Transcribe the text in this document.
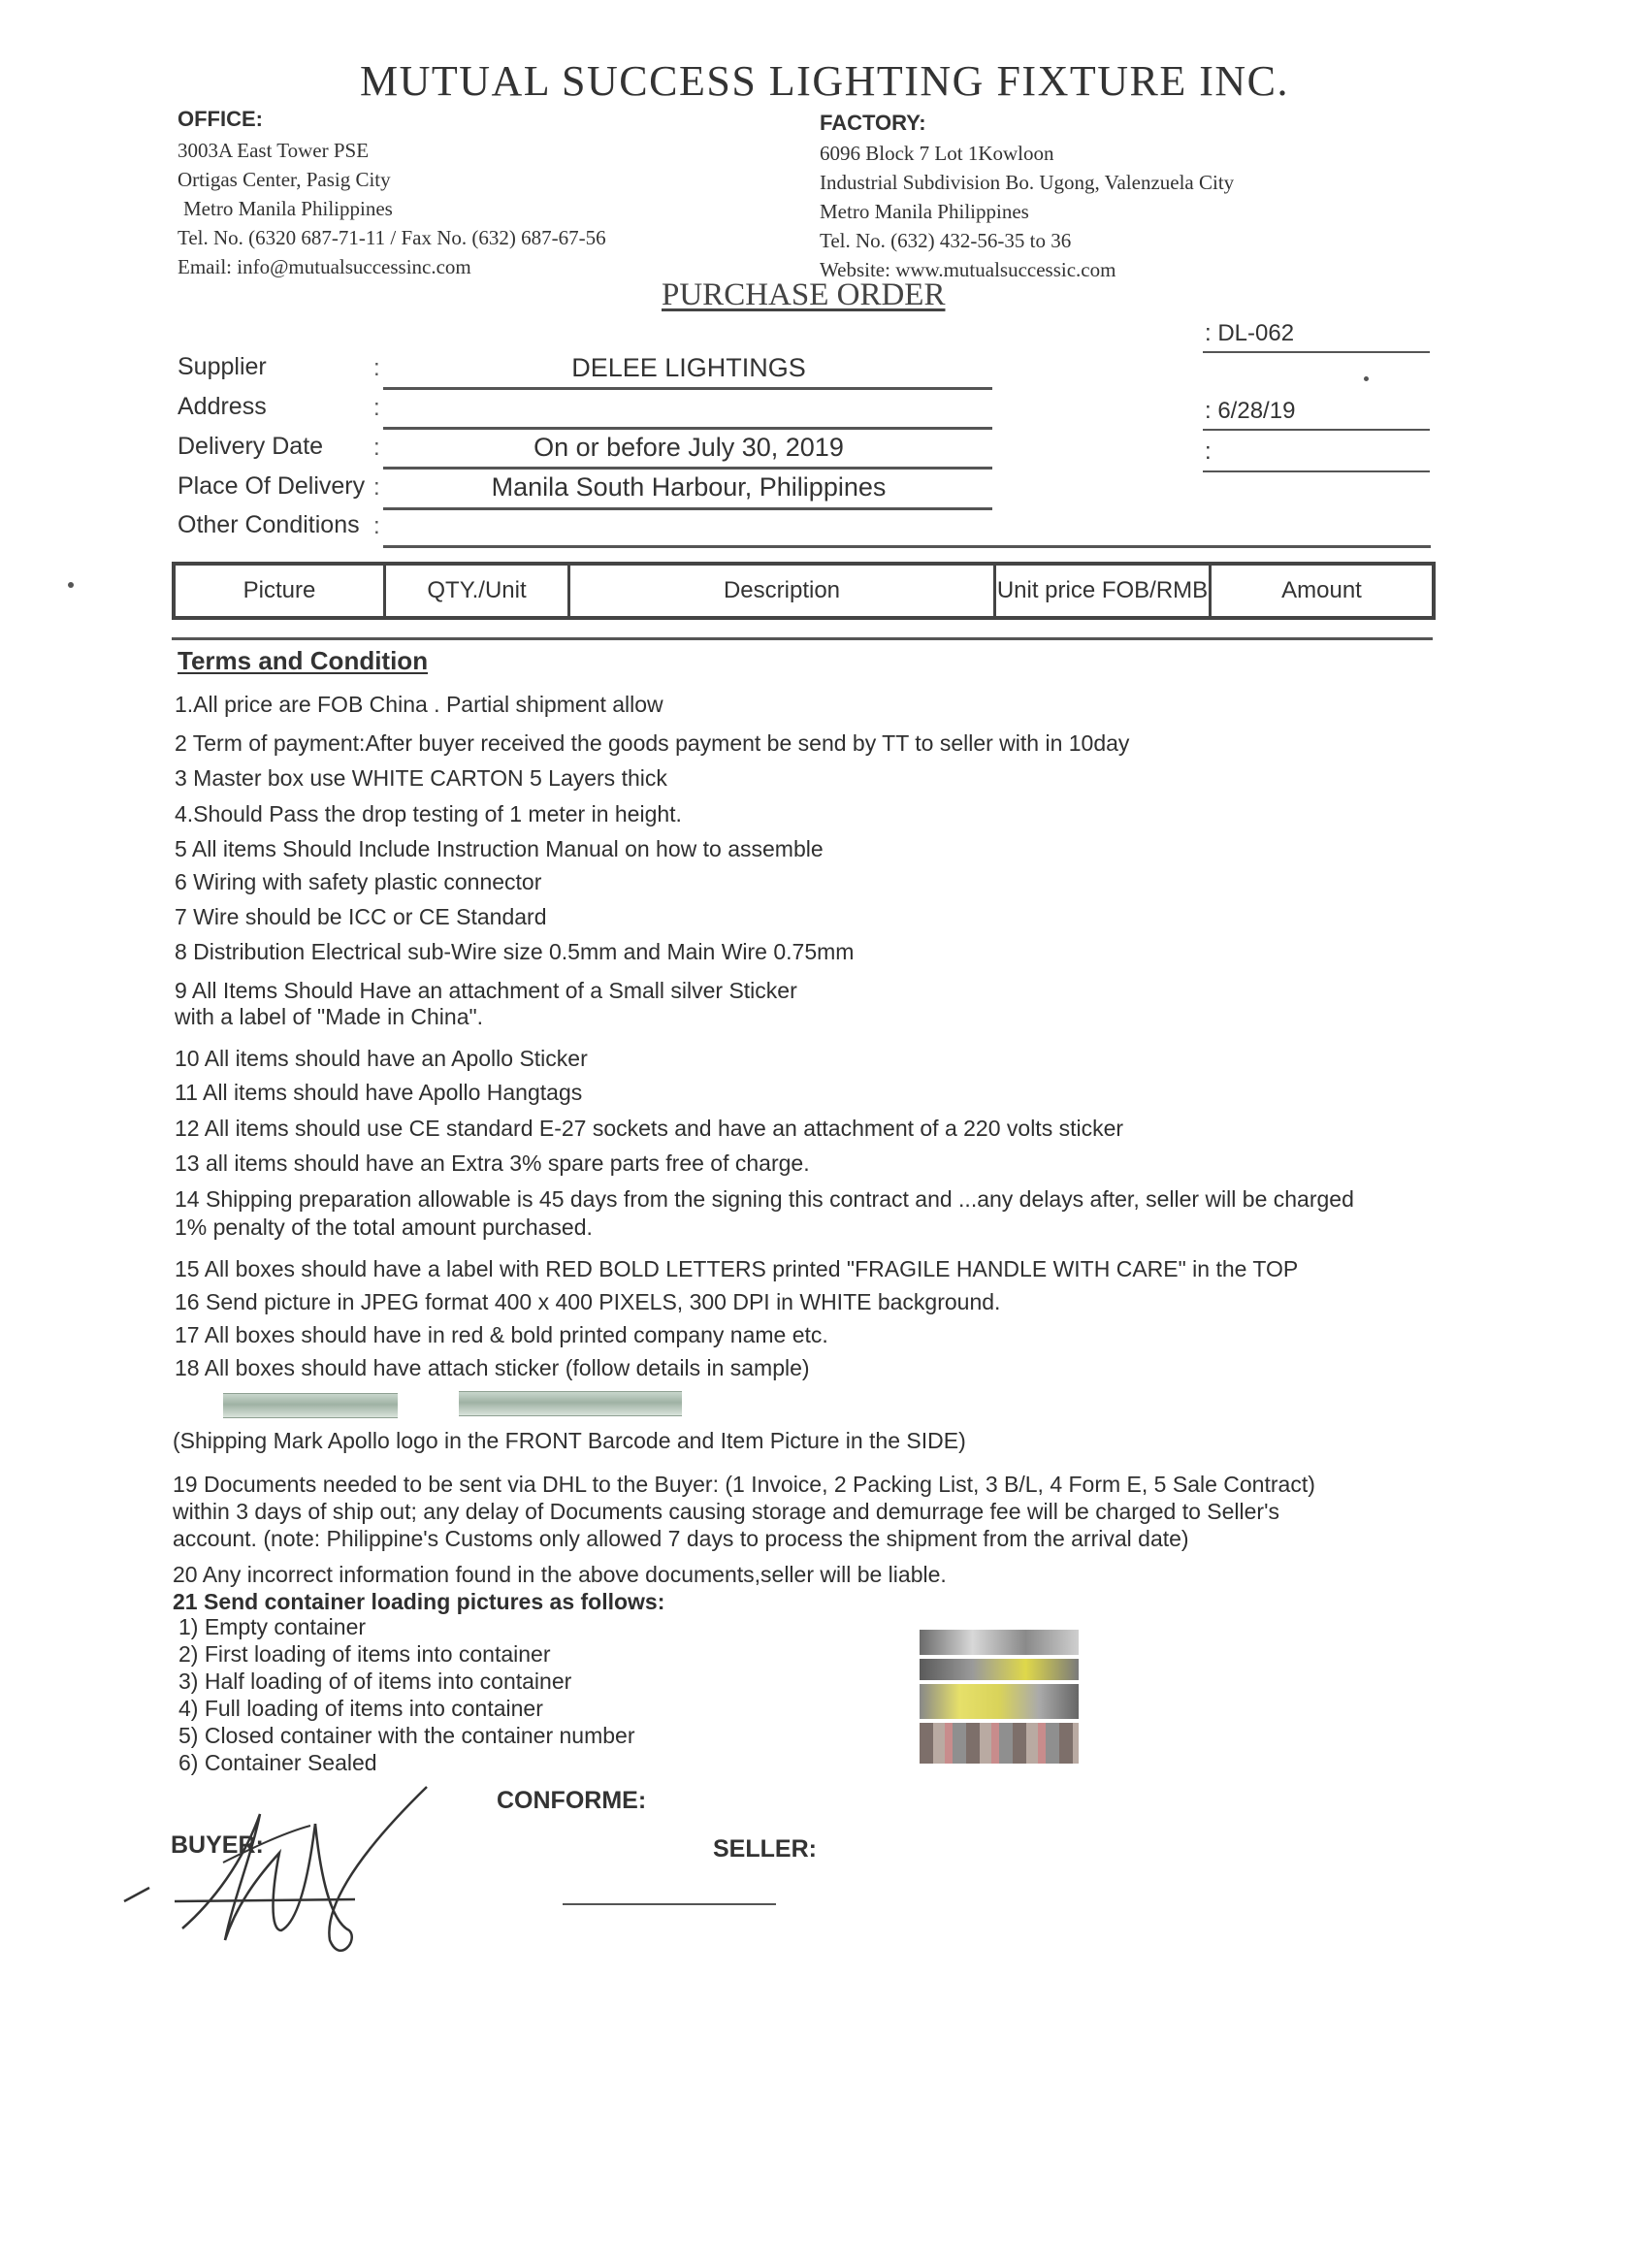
MUTUAL SUCCESS LIGHTING FIXTURE INC.
OFFICE:
3003A East Tower PSE
Ortigas Center, Pasig City
Metro Manila Philippines
Tel. No. (6320 687-71-11 / Fax No. (632) 687-67-56
Email: info@mutualsuccessinc.com
FACTORY:
6096 Block 7 Lot 1Kowloon
Industrial Subdivision Bo. Ugong, Valenzuela City
Metro Manila Philippines
Tel. No. (632) 432-56-35 to 36
Website: www.mutualsuccessic.com
PURCHASE ORDER
: DL-062
: 6/28/19
:
Supplier	:	DELEE LIGHTINGS
Address	:
Delivery Date :	On or before July 30, 2019
Place Of Delivery :	Manila South Harbour, Philippines
Other Conditions :
Picture	QTY./Unit	Description	Unit price FOB/RMB	Amount
Terms and Condition
1.All price are FOB China . Partial shipment allow
2 Term of payment:After buyer received the goods payment be send by TT to seller with in 10day
3 Master box use WHITE CARTON 5 Layers thick
4.Should Pass the drop testing of 1 meter in height.
5 All items Should Include Instruction Manual on how to assemble
6 Wiring with safety plastic connector
7 Wire should be ICC or CE Standard
8 Distribution Electrical sub-Wire size 0.5mm and Main Wire 0.75mm
9 All Items Should Have an attachment of a Small silver Sticker
with a label of "Made in China".
10 All items should have an Apollo Sticker
11 All items should have Apollo Hangtags
12 All items should use CE standard E-27 sockets and have an attachment of a 220 volts sticker
13 all items should have an Extra 3% spare parts free of charge.
14 Shipping preparation allowable is 45 days from the signing this contract and ...any delays after, seller will be charged
1% penalty of the total amount purchased.
15 All boxes should have a label with RED BOLD LETTERS printed "FRAGILE HANDLE WITH CARE" in the TOP
16 Send picture in JPEG format 400 x 400 PIXELS, 300 DPI in WHITE background.
17 All boxes should have in red & bold printed company name etc.
18 All boxes should have attach sticker (follow details in sample)
(Shipping Mark Apollo logo in the FRONT Barcode and Item Picture in the SIDE)
19 Documents needed to be sent via DHL to the Buyer: (1 Invoice, 2 Packing List, 3 B/L, 4 Form E, 5 Sale Contract)
within 3 days of ship out; any delay of Documents causing storage and demurrage fee will be charged to Seller's
account. (note: Philippine's Customs only allowed 7 days to process the shipment from the arrival date)
20 Any incorrect information found in the above documents,seller will be liable.
21 Send container loading pictures as follows:
1) Empty container
2) First loading of items into container
3) Half loading of of items into container
4) Full loading of items into container
5) Closed container with the container number
6) Container Sealed
CONFORME:
BUYER:	SELLER:
